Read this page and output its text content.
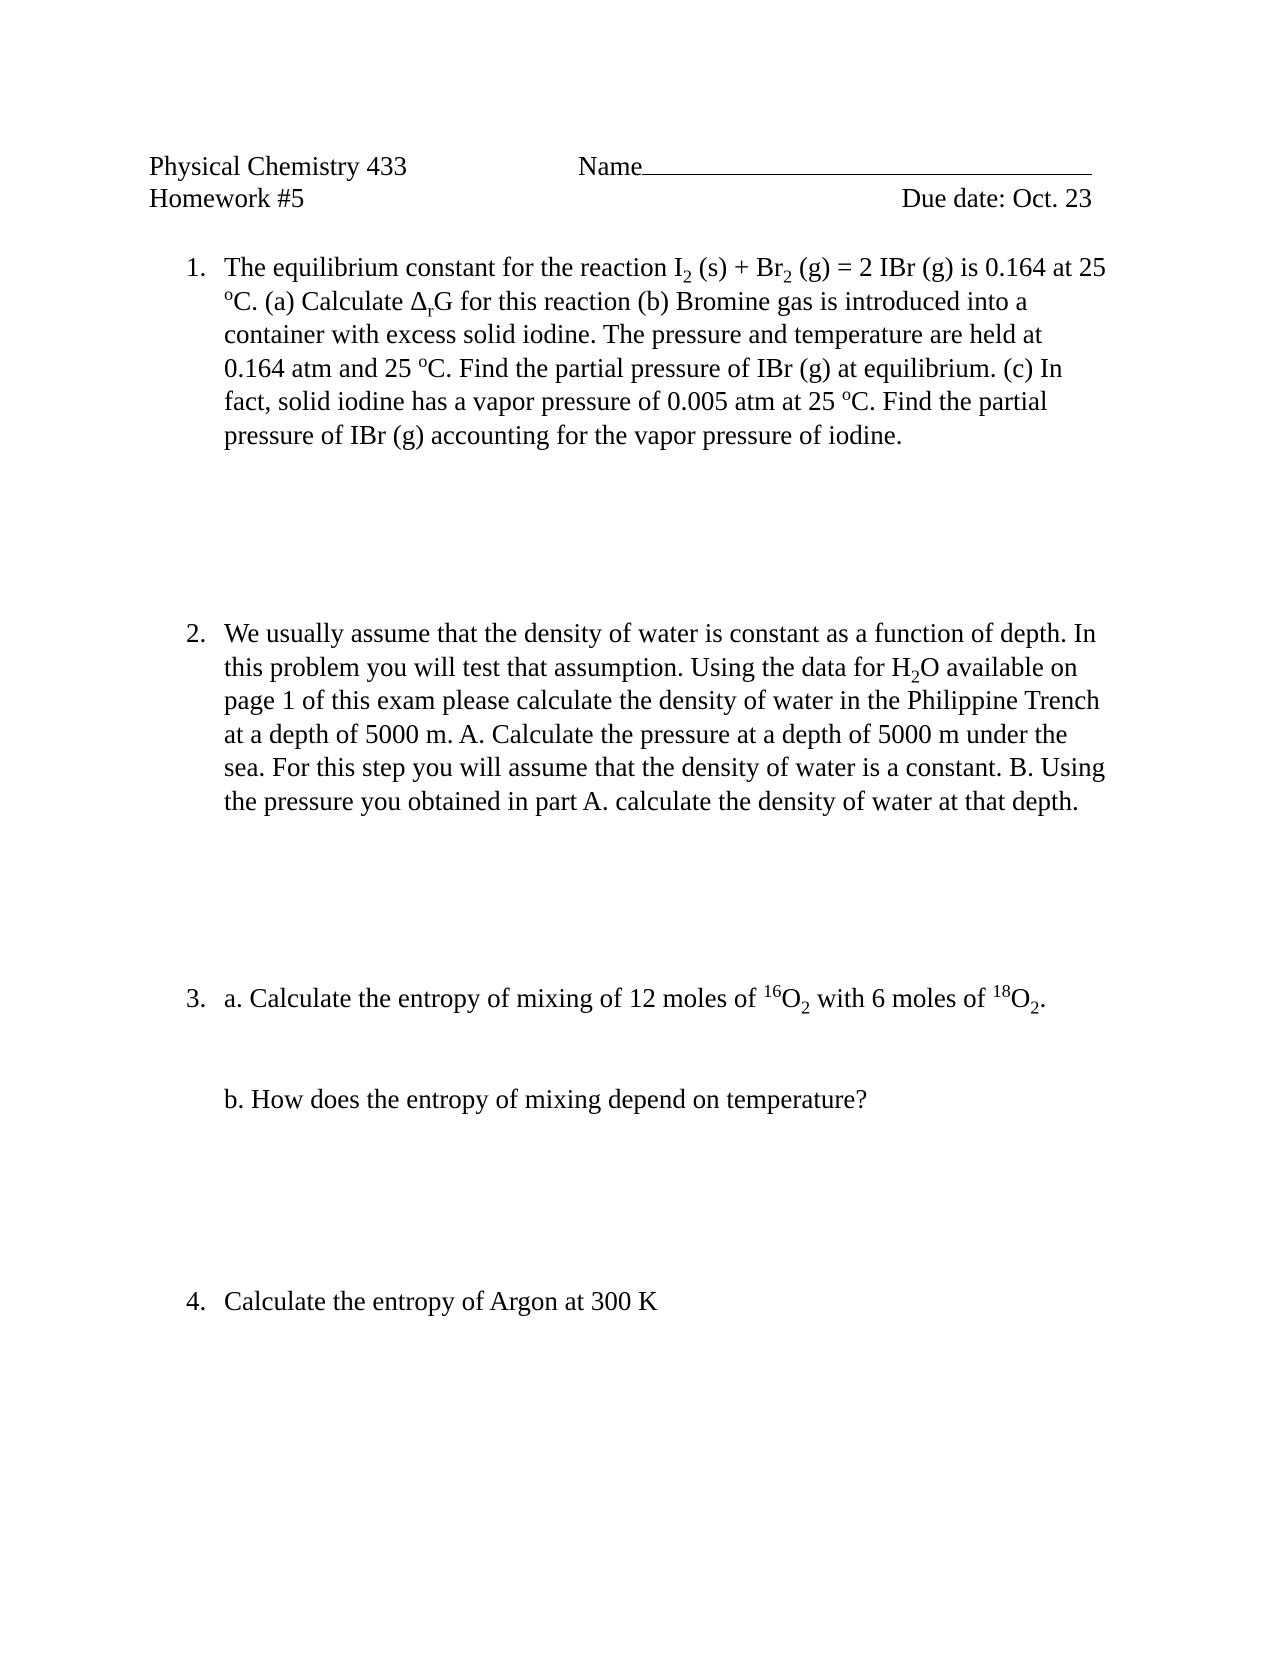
Physical Chemistry 433
Homework #5
Name
Due date: Oct. 23
1. The equilibrium constant for the reaction $I_2$ $(s) + Br_2$ (g) = 2 IBr (g) is 0.164 at 25 $^o$C. (a) Calculate $\Delta_rG$ for this reaction (b) Bromine gas is introduced into a container with excess solid iodine. The pressure and temperature are held at 0.164 atm and 25 $^o$C. Find the partial pressure of IBr (g) at equilibrium. (c) In fact, solid iodine has a vapor pressure of 0.005 atm at 25 $^o$C. Find the partial pressure of IBr (g) accounting for the vapor pressure of iodine.
2. We usually assume that the density of water is constant as a function of depth. In this problem you will test that assumption. Using the data for $H_2O$ available on page 1 of this exam please calculate the density of water in the Philippine Trench at a depth of 5000 m. A. Calculate the pressure at a depth of 5000 m under the sea. For this step you will assume that the density of water is a constant. B. Using the pressure you obtained in part A. calculate the density of water at that depth.
3. a. Calculate the entropy of mixing of 12 moles of $^{16}O_2$ with 6 moles of $^{18}O_2$.
b. How does the entropy of mixing depend on temperature?
4. Calculate the entropy of Argon at 300 K
